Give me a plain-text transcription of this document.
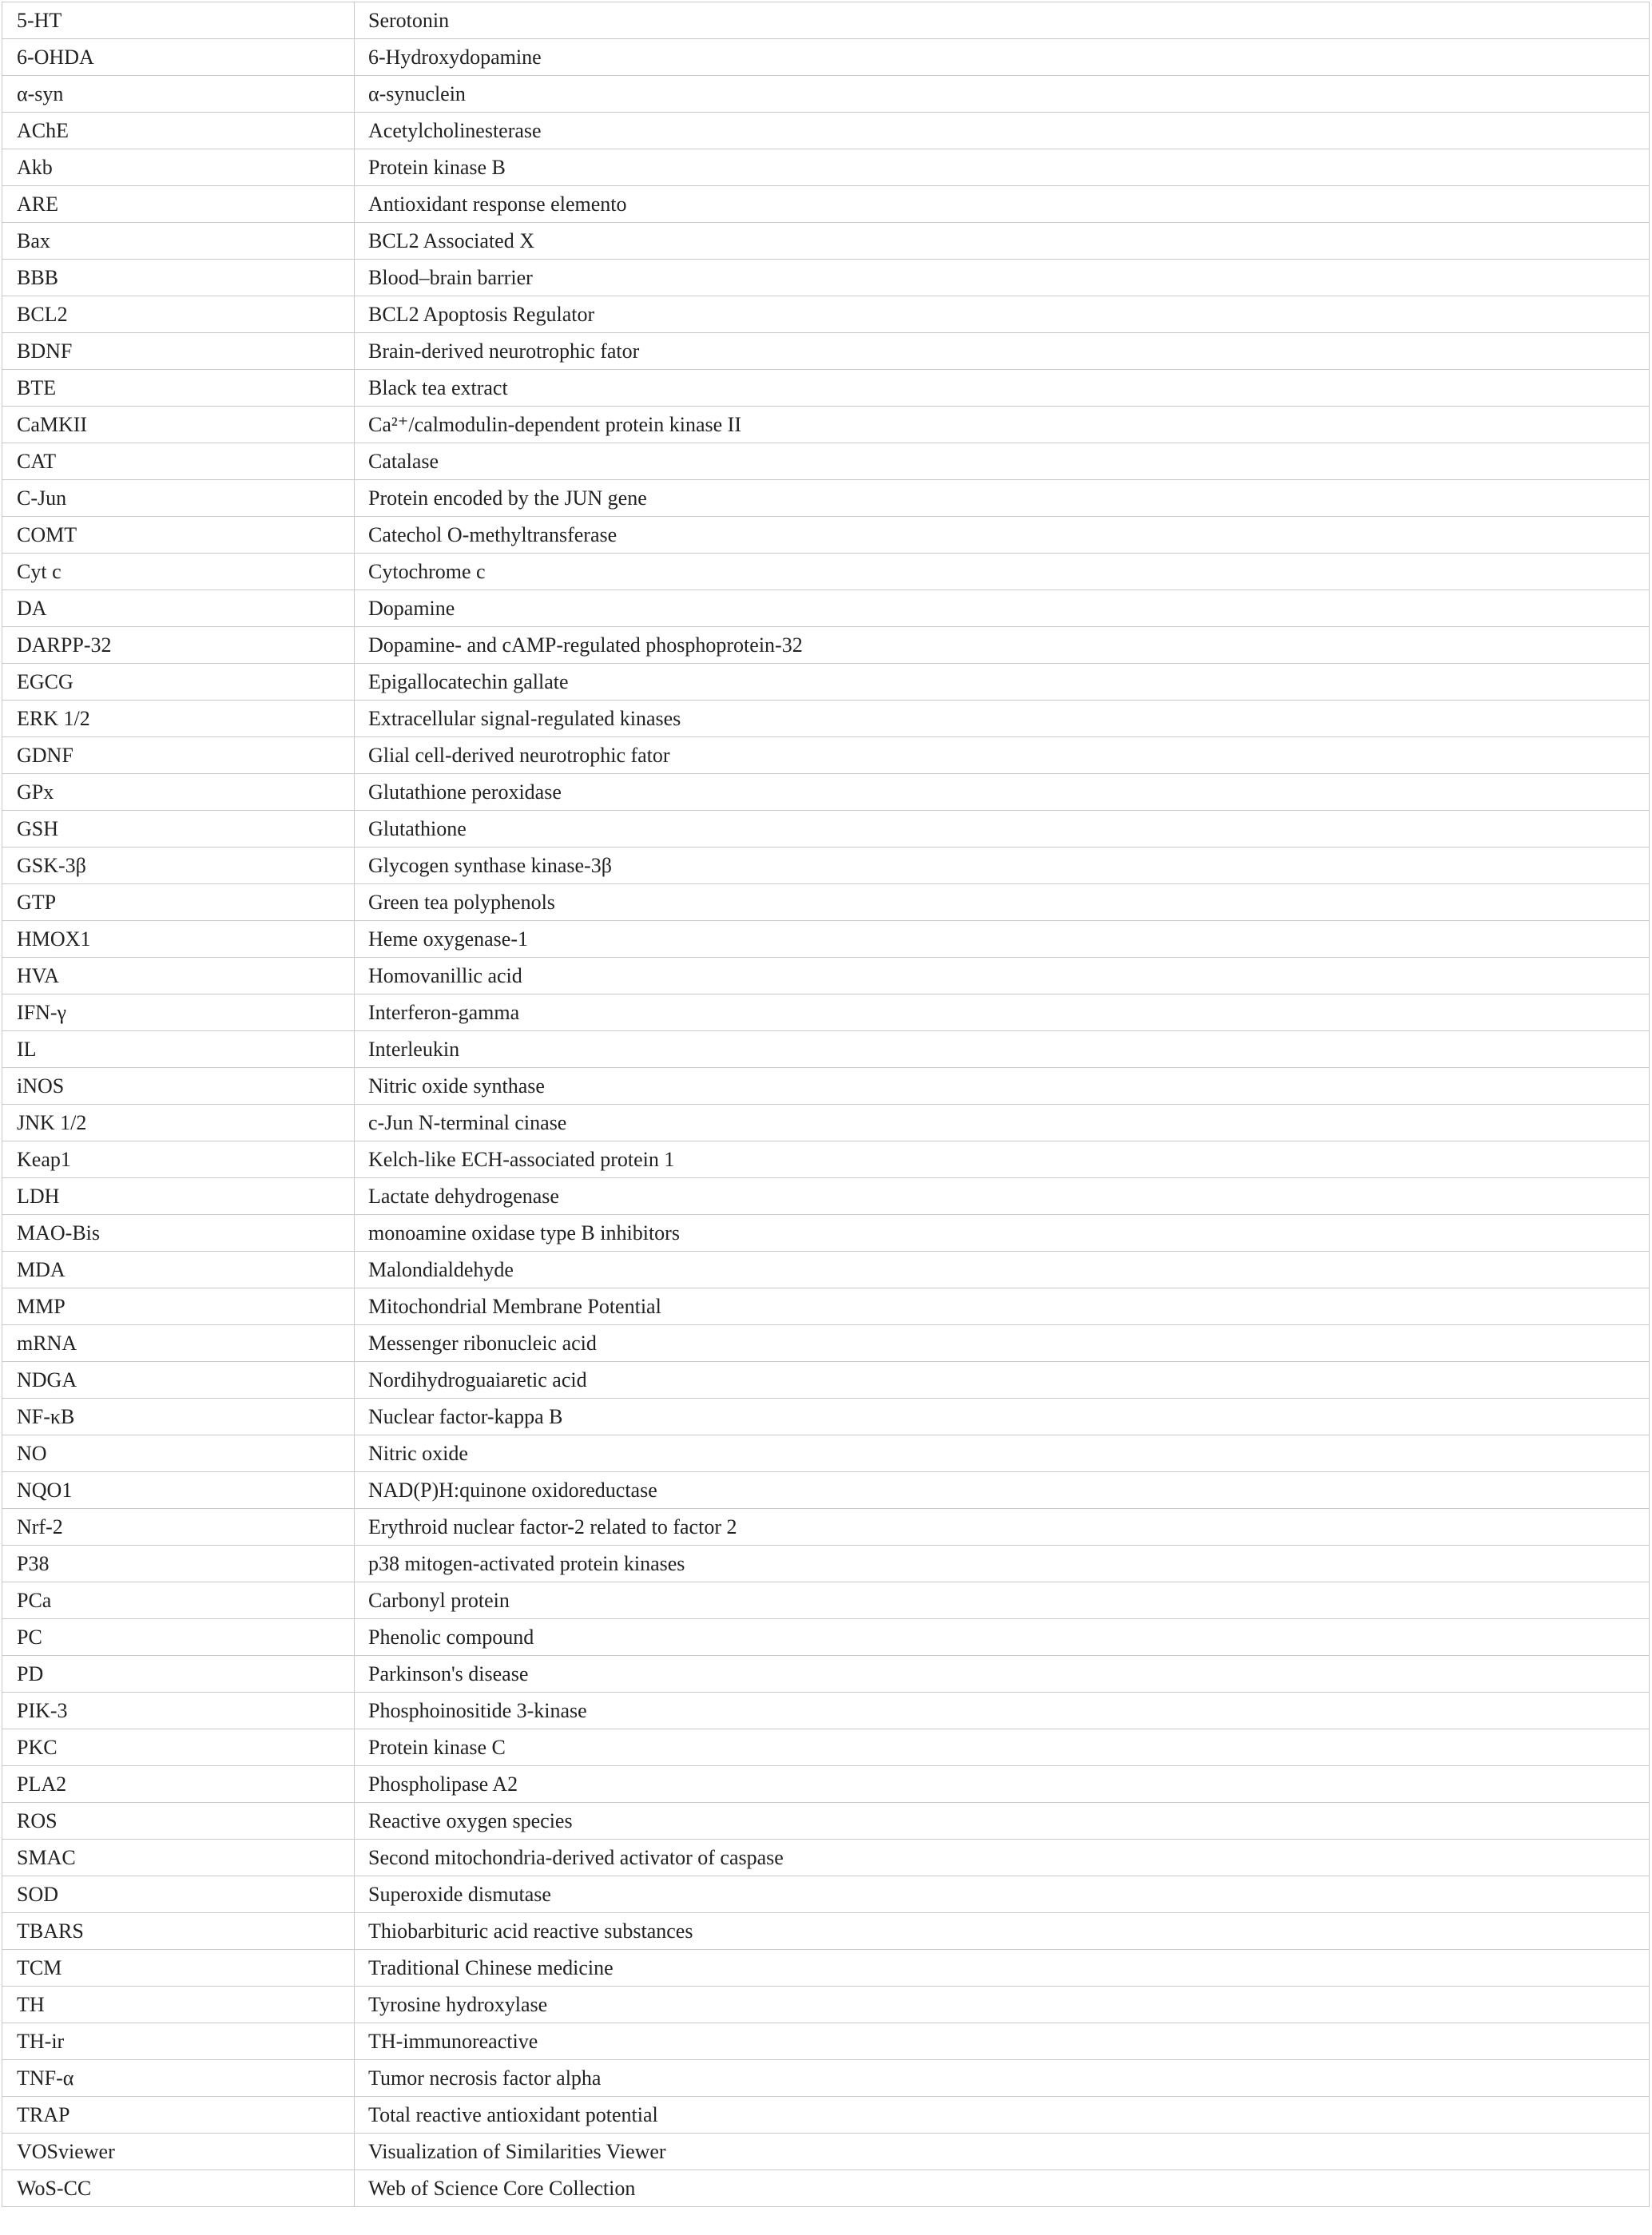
5-HT	Serotonin
6-OHDA	6-Hydroxydopamine
α-syn	α-synuclein
AChE	Acetylcholinesterase
Akb	Protein kinase B
ARE	Antioxidant response elemento
Bax	BCL2 Associated X
BBB	Blood–brain barrier
BCL2	BCL2 Apoptosis Regulator
BDNF	Brain-derived neurotrophic fator
BTE	Black tea extract
CaMKII	Ca²⁺/calmodulin-dependent protein kinase II
CAT	Catalase
C-Jun	Protein encoded by the JUN gene
COMT	Catechol O-methyltransferase
Cyt c	Cytochrome c
DA	Dopamine
DARPP-32	Dopamine- and cAMP-regulated phosphoprotein-32
EGCG	Epigallocatechin gallate
ERK 1/2	Extracellular signal-regulated kinases
GDNF	Glial cell-derived neurotrophic fator
GPx	Glutathione peroxidase
GSH	Glutathione
GSK-3β	Glycogen synthase kinase-3β
GTP	Green tea polyphenols
HMOX1	Heme oxygenase-1
HVA	Homovanillic acid
IFN-γ	Interferon-gamma
IL	Interleukin
iNOS	Nitric oxide synthase
JNK 1/2	c-Jun N-terminal cinase
Keap1	Kelch-like ECH-associated protein 1
LDH	Lactate dehydrogenase
MAO-Bis	monoamine oxidase type B inhibitors
MDA	Malondialdehyde
MMP	Mitochondrial Membrane Potential
mRNA	Messenger ribonucleic acid
NDGA	Nordihydroguaiaretic acid
NF-κB	Nuclear factor-kappa B
NO	Nitric oxide
NQO1	NAD(P)H:quinone oxidoreductase
Nrf-2	Erythroid nuclear factor-2 related to factor 2
P38	p38 mitogen-activated protein kinases
PCa	Carbonyl protein
PC	Phenolic compound
PD	Parkinson's disease
PIK-3	Phosphoinositide 3-kinase
PKC	Protein kinase C
PLA2	Phospholipase A2
ROS	Reactive oxygen species
SMAC	Second mitochondria-derived activator of caspase
SOD	Superoxide dismutase
TBARS	Thiobarbituric acid reactive substances
TCM	Traditional Chinese medicine
TH	Tyrosine hydroxylase
TH-ir	TH-immunoreactive
TNF-α	Tumor necrosis factor alpha
TRAP	Total reactive antioxidant potential
VOSviewer	Visualization of Similarities Viewer
WoS-CC	Web of Science Core Collection
